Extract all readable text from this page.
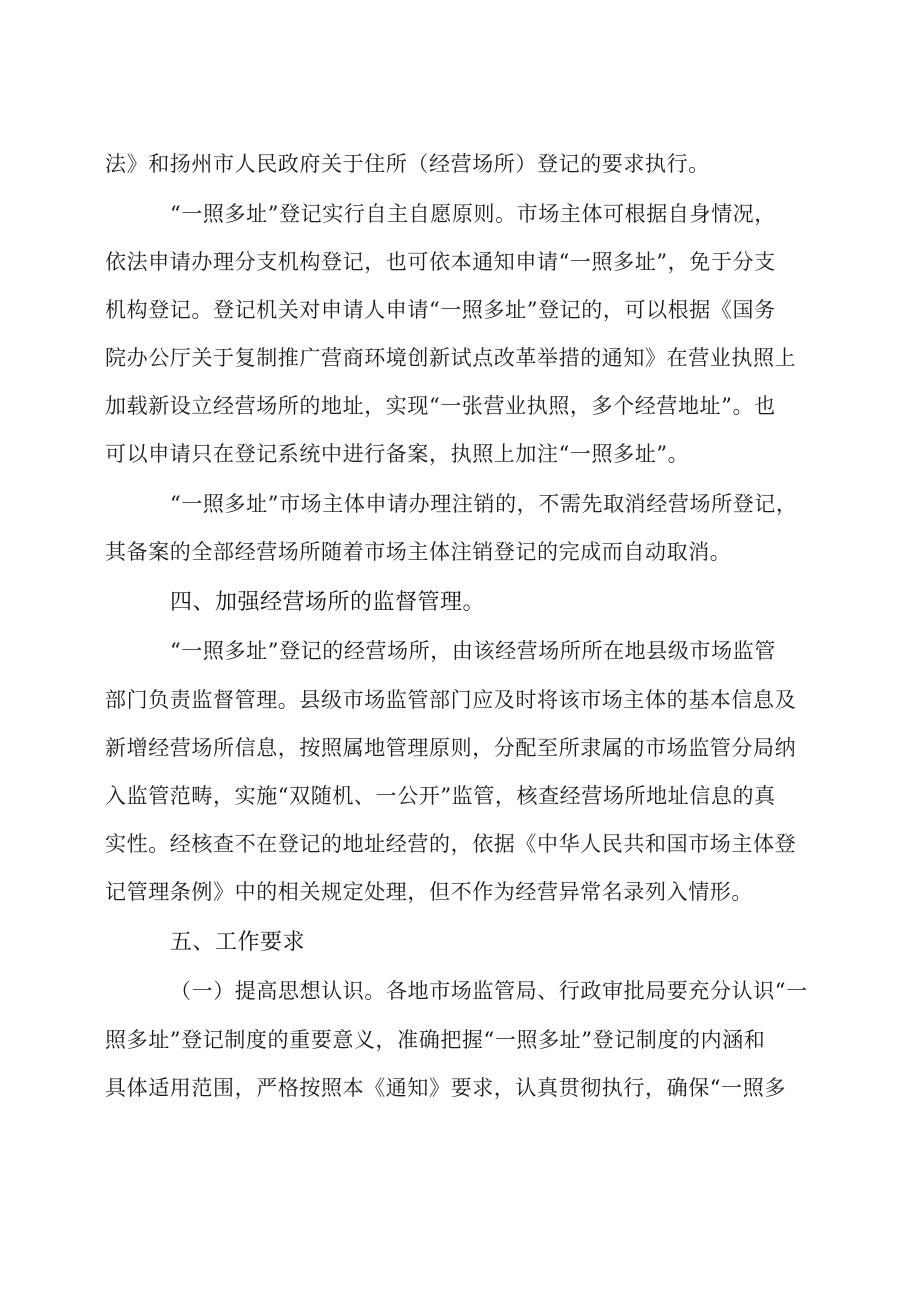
法》和扬州市人民政府关于住所（经营场所）登记的要求执行。
“一照多址”登记实行自主自愿原则。市场主体可根据自身情况，
依法申请办理分支机构登记，也可依本通知申请“一照多址”，免于分支
机构登记。登记机关对申请人申请“一照多址”登记的，可以根据《国务
院办公厅关于复制推广营商环境创新试点改革举措的通知》在营业执照上
加载新设立经营场所的地址，实现“一张营业执照，多个经营地址”。也
可以申请只在登记系统中进行备案，执照上加注“一照多址”。
“一照多址”市场主体申请办理注销的，不需先取消经营场所登记，
其备案的全部经营场所随着市场主体注销登记的完成而自动取消。
四、加强经营场所的监督管理。
“一照多址”登记的经营场所，由该经营场所所在地县级市场监管
部门负责监督管理。县级市场监管部门应及时将该市场主体的基本信息及
新增经营场所信息，按照属地管理原则，分配至所隶属的市场监管分局纳
入监管范畴，实施“双随机、一公开”监管，核查经营场所地址信息的真
实性。经核查不在登记的地址经营的，依据《中华人民共和国市场主体登
记管理条例》中的相关规定处理，但不作为经营异常名录列入情形。
五、工作要求
（一）提高思想认识。各地市场监管局、行政审批局要充分认识“一
照多址”登记制度的重要意义，准确把握“一照多址”登记制度的内涵和
具体适用范围，严格按照本《通知》要求，认真贯彻执行，确保“一照多
